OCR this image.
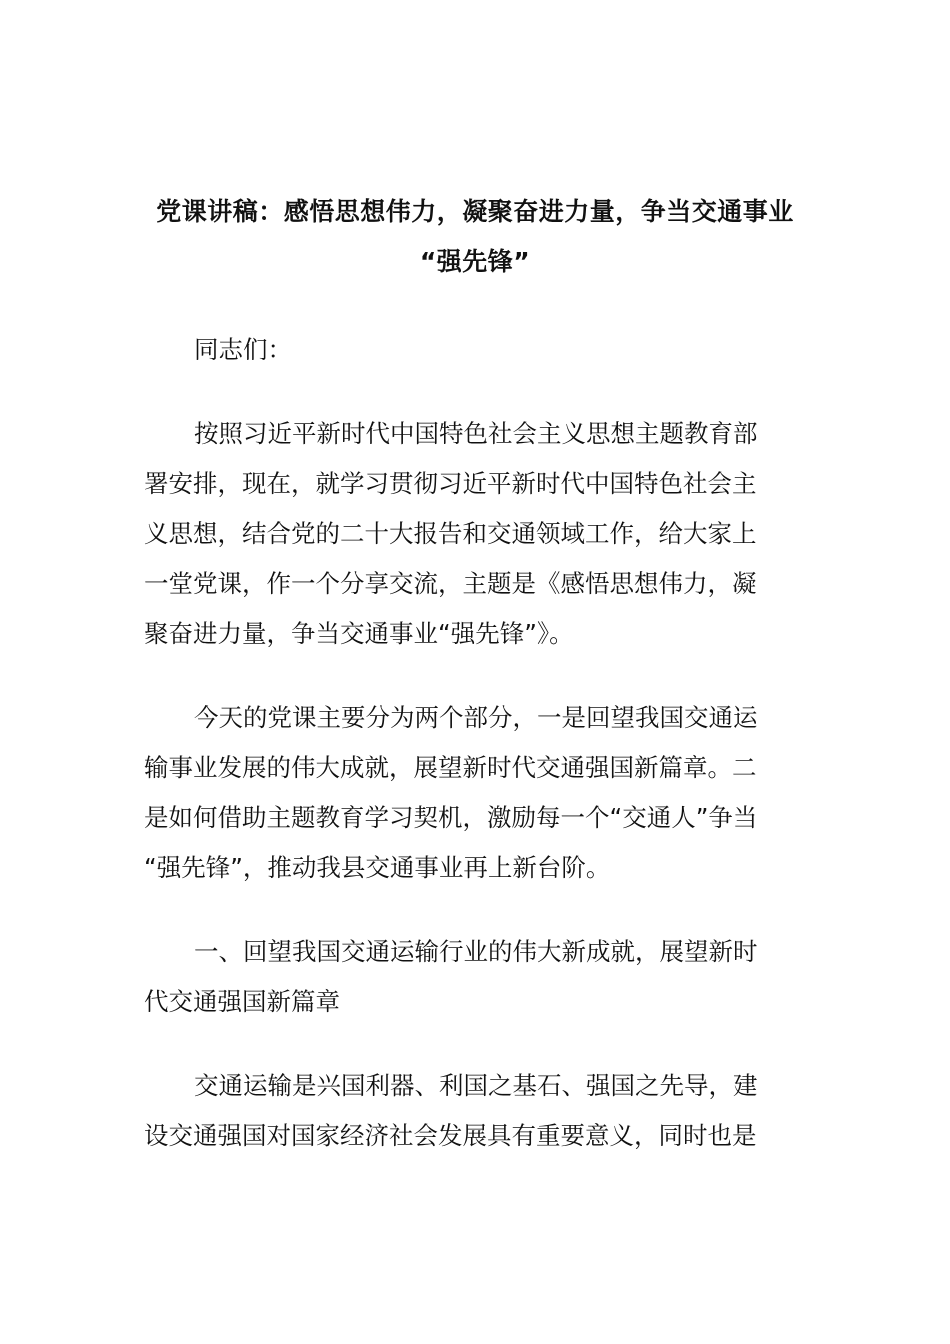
党课讲稿：感悟思想伟力，凝聚奋进力量，争当交通事业
“强先锋”
同志们：
按照习近平新时代中国特色社会主义思想主题教育部
署安排，现在，就学习贯彻习近平新时代中国特色社会主
义思想，结合党的二十大报告和交通领域工作，给大家上
一堂党课，作一个分享交流，主题是《感悟思想伟力，凝
聚奋进力量，争当交通事业“强先锋”》。
今天的党课主要分为两个部分，一是回望我国交通运
输事业发展的伟大成就，展望新时代交通强国新篇章。二
是如何借助主题教育学习契机，激励每一个“交通人”争当
“强先锋”，推动我县交通事业再上新台阶。
一、回望我国交通运输行业的伟大新成就，展望新时
代交通强国新篇章
交通运输是兴国利器、利国之基石、强国之先导，建
设交通强国对国家经济社会发展具有重要意义，同时也是
